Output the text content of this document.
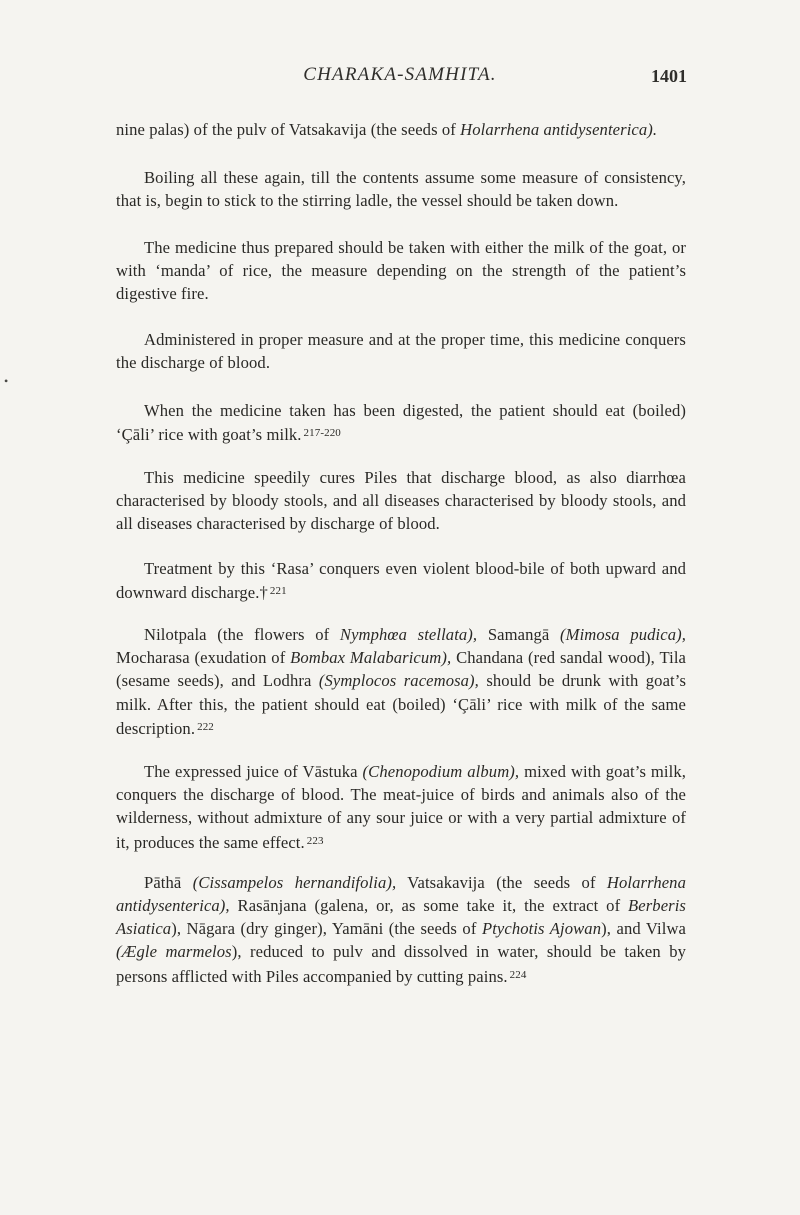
•
CHARAKA-SAMHITA.	1401

nine palas) of the pulv of Vatsakavija (the seeds of Holarrhena antidysenterica).

Boiling all these again, till the contents assume some measure of consistency, that is, begin to stick to the stirring ladle, the vessel should be taken down.

The medicine thus prepared should be taken with either the milk of the goat, or with ‘manda’ of rice, the measure depending on the strength of the patient’s digestive fire.

Administered in proper measure and at the proper time, this medicine conquers the discharge of blood.

When the medicine taken has been digested, the patient should eat (boiled) ‘Çāli’ rice with goat’s milk. $^{217-220}$

This medicine speedily cures Piles that discharge blood, as also diarrhœa characterised by bloody stools, and all diseases characterised by bloody stools, and all diseases characterised by discharge of blood.

Treatment by this ‘Rasa’ conquers even violent blood-bile of both upward and downward discharge.† $^{221}$

Nilotpala (the flowers of Nymphœa stellata), Samangā (Mimosa pudica), Mocharasa (exudation of Bombax Malabaricum), Chandana (red sandal wood), Tila (sesame seeds), and Lodhra (Symplocos racemosa), should be drunk with goat’s milk. After this, the patient should eat (boiled) ‘Çāli’ rice with milk of the same description. $^{222}$

The expressed juice of Vāstuka (Chenopodium album), mixed with goat’s milk, conquers the discharge of blood. The meat-juice of birds and animals also of the wilderness, without admixture of any sour juice or with a very partial admixture of it, produces the same effect. $^{223}$

Pāthā (Cissampelos hernandifolia), Vatsakavija (the seeds of Holarrhena antidysenterica), Rasānjana (galena, or, as some take it, the extract of Berberis Asiatica), Nāgara (dry ginger), Yamāni (the seeds of Ptychotis Ajowan), and Vilwa (Ægle marmelos), reduced to pulv and dissolved in water, should be taken by persons afflicted with Piles accompanied by cutting pains. $^{224}$
